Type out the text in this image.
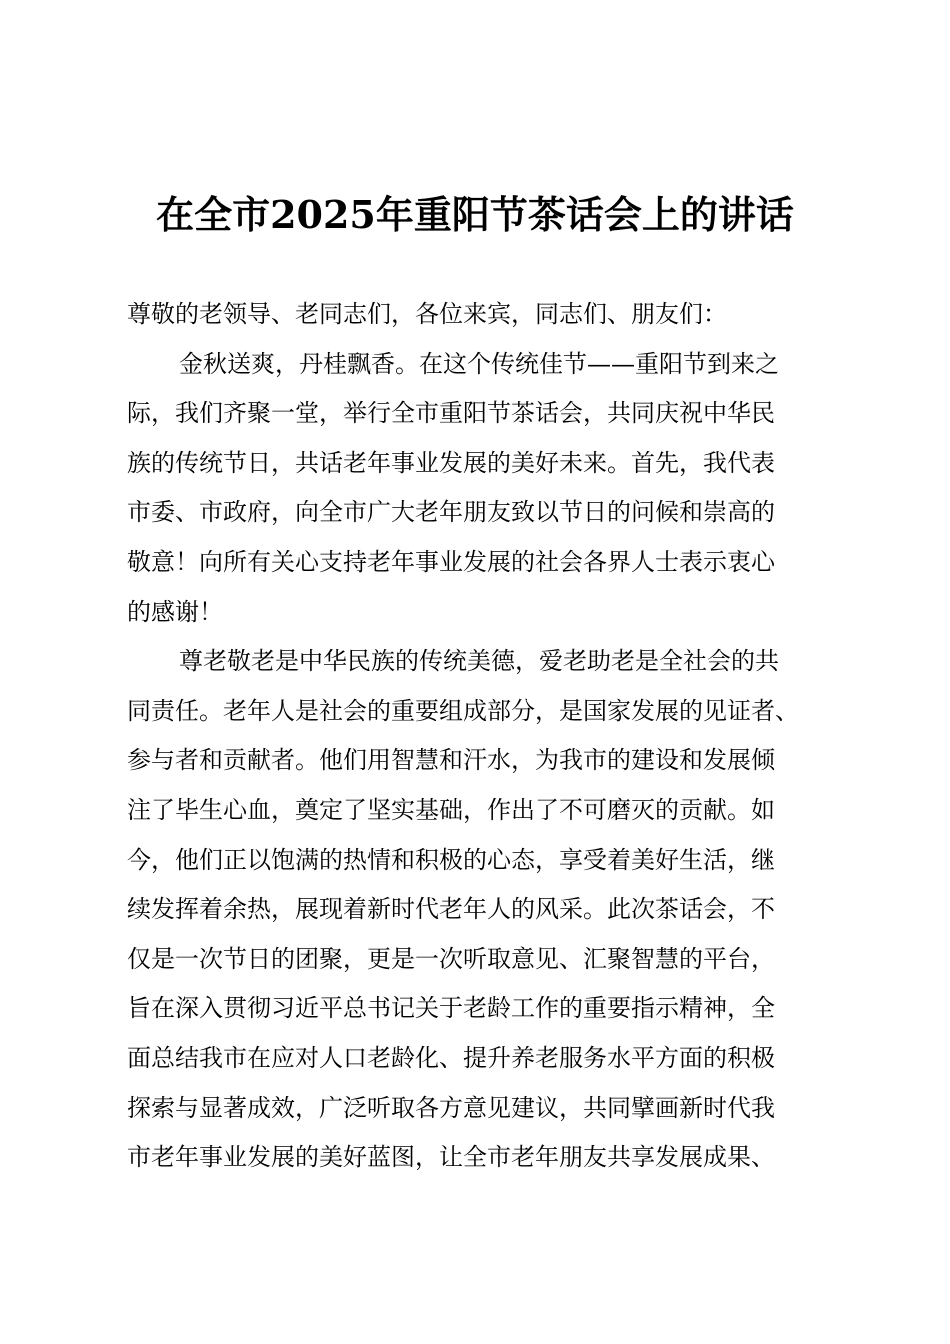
在全市2025年重阳节茶话会上的讲话
尊敬的老领导、老同志们，各位来宾，同志们、朋友们：
金秋送爽，丹桂飘香。在这个传统佳节——重阳节到来之
际，我们齐聚一堂，举行全市重阳节茶话会，共同庆祝中华民
族的传统节日，共话老年事业发展的美好未来。首先，我代表
市委、市政府，向全市广大老年朋友致以节日的问候和崇高的
敬意！向所有关心支持老年事业发展的社会各界人士表示衷心
的感谢！
尊老敬老是中华民族的传统美德，爱老助老是全社会的共
同责任。老年人是社会的重要组成部分，是国家发展的见证者、
参与者和贡献者。他们用智慧和汗水，为我市的建设和发展倾
注了毕生心血，奠定了坚实基础，作出了不可磨灭的贡献。如
今，他们正以饱满的热情和积极的心态，享受着美好生活，继
续发挥着余热，展现着新时代老年人的风采。此次茶话会，不
仅是一次节日的团聚，更是一次听取意见、汇聚智慧的平台，
旨在深入贯彻习近平总书记关于老龄工作的重要指示精神，全
面总结我市在应对人口老龄化、提升养老服务水平方面的积极
探索与显著成效，广泛听取各方意见建议，共同擘画新时代我
市老年事业发展的美好蓝图，让全市老年朋友共享发展成果、
